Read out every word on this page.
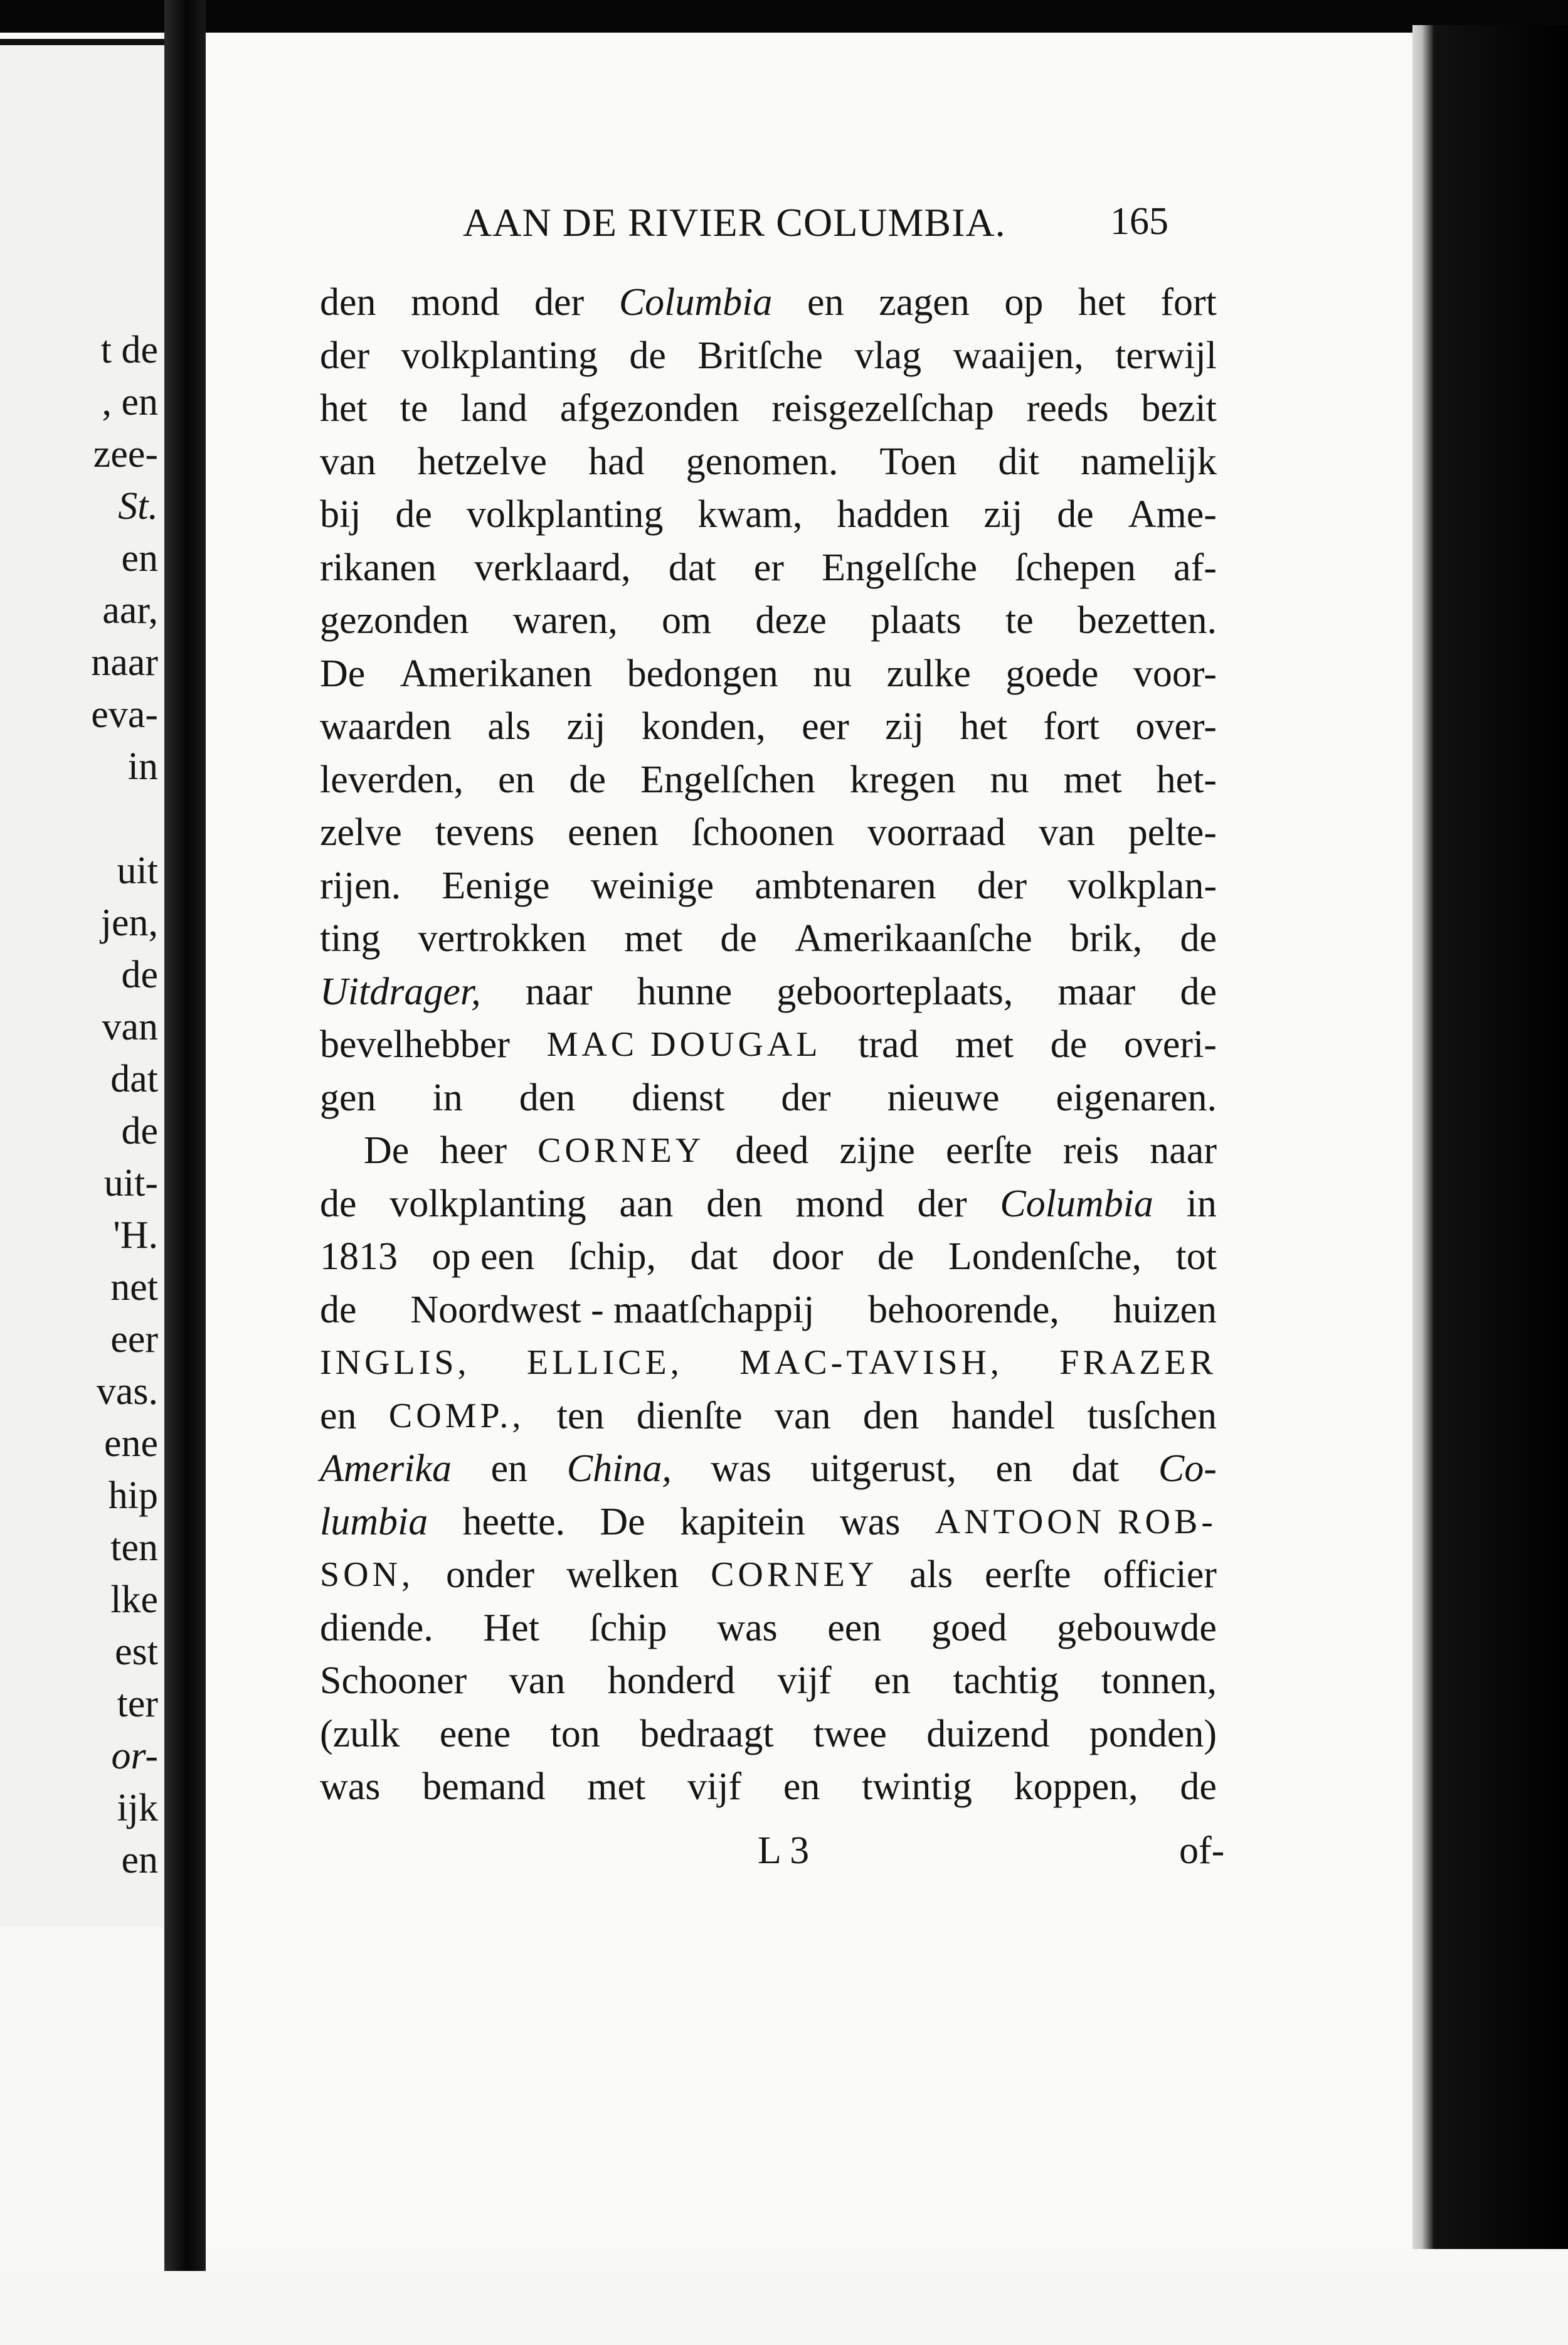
t de
, en
zee-
St.
en
aar,
naar
eva-
in
uit
jen,
de
van
dat
de
uit-
'H.
net
eer
vas.
ene
hip
ten
lke
est
ter
or-
ijk
en
AAN DE RIVIER COLUMBIA.	165
den mond der Columbia en zagen op het fort
der volkplanting de Britſche vlag waaijen, terwijl
het te land afgezonden reisgezelſchap reeds bezit
van hetzelve had genomen. Toen dit namelijk
bij de volkplanting kwam, hadden zij de Ame-
rikanen verklaard, dat er Engelſche ſchepen af-
gezonden waren, om deze plaats te bezetten.
De Amerikanen bedongen nu zulke goede voor-
waarden als zij konden, eer zij het fort over-
leverden, en de Engelſchen kregen nu met het-
zelve tevens eenen ſchoonen voorraad van pelte-
rijen. Eenige weinige ambtenaren der volkplan-
ting vertrokken met de Amerikaanſche brik, de
Uitdrager, naar hunne geboorteplaats, maar de
bevelhebber MAC DOUGAL trad met de overi-
gen in den dienst der nieuwe eigenaren.
De heer CORNEY deed zijne eerſte reis naar
de volkplanting aan den mond der Columbia in
1813 op een ſchip, dat door de Londenſche, tot
de Noordwest - maatſchappij behoorende, huizen
INGLIS, ELLICE, MAC-TAVISH, FRAZER
en COMP., ten dienſte van den handel tusſchen
Amerika en China, was uitgerust, en dat Co-
lumbia heette. De kapitein was ANTOON ROB-
SON, onder welken CORNEY als eerſte officier
diende. Het ſchip was een goed gebouwde
Schooner van honderd vijf en tachtig tonnen,
(zulk eene ton bedraagt twee duizend ponden)
was bemand met vijf en twintig koppen, de
L 3	of-
